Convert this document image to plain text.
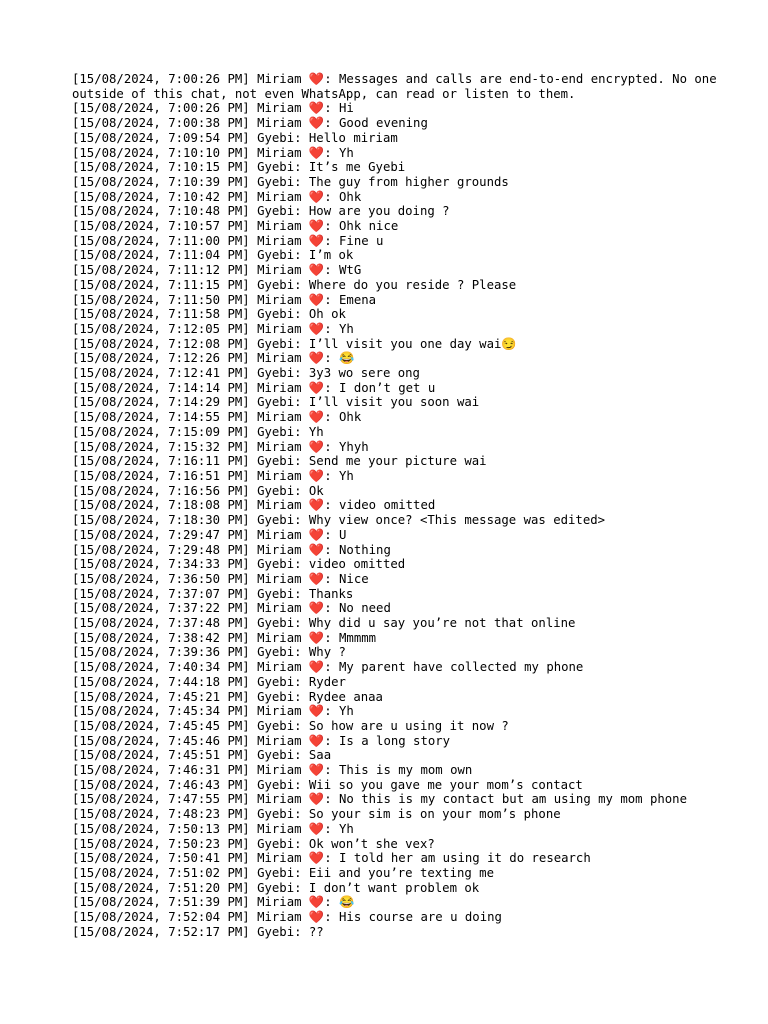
[15/08/2024, 7:00:26 PM] Miriam ❤️: Messages and calls are end-to-end encrypted. No one outside of this chat, not even WhatsApp, can read or listen to them.
[15/08/2024, 7:00:26 PM] Miriam ❤️: Hi
[15/08/2024, 7:00:38 PM] Miriam ❤️: Good evening
[15/08/2024, 7:09:54 PM] Gyebi: Hello miriam
[15/08/2024, 7:10:10 PM] Miriam ❤️: Yh
[15/08/2024, 7:10:15 PM] Gyebi: It’s me Gyebi
[15/08/2024, 7:10:39 PM] Gyebi: The guy from higher grounds
[15/08/2024, 7:10:42 PM] Miriam ❤️: Ohk
[15/08/2024, 7:10:48 PM] Gyebi: How are you doing ?
[15/08/2024, 7:10:57 PM] Miriam ❤️: Ohk nice
[15/08/2024, 7:11:00 PM] Miriam ❤️: Fine u
[15/08/2024, 7:11:04 PM] Gyebi: I’m ok
[15/08/2024, 7:11:12 PM] Miriam ❤️: WtG
[15/08/2024, 7:11:15 PM] Gyebi: Where do you reside ? Please
[15/08/2024, 7:11:50 PM] Miriam ❤️: Emena
[15/08/2024, 7:11:58 PM] Gyebi: Oh ok
[15/08/2024, 7:12:05 PM] Miriam ❤️: Yh
[15/08/2024, 7:12:08 PM] Gyebi: I’ll visit you one day wai😏
[15/08/2024, 7:12:26 PM] Miriam ❤️: 😂
[15/08/2024, 7:12:41 PM] Gyebi: 3y3 wo sere ong
[15/08/2024, 7:14:14 PM] Miriam ❤️: I don’t get u
[15/08/2024, 7:14:29 PM] Gyebi: I’ll visit you soon wai
[15/08/2024, 7:14:55 PM] Miriam ❤️: Ohk
[15/08/2024, 7:15:09 PM] Gyebi: Yh
[15/08/2024, 7:15:32 PM] Miriam ❤️: Yhyh
[15/08/2024, 7:16:11 PM] Gyebi: Send me your picture wai
[15/08/2024, 7:16:51 PM] Miriam ❤️: Yh
[15/08/2024, 7:16:56 PM] Gyebi: Ok
[15/08/2024, 7:18:08 PM] Miriam ❤️: video omitted
[15/08/2024, 7:18:30 PM] Gyebi: Why view once? <This message was edited>
[15/08/2024, 7:29:47 PM] Miriam ❤️: U
[15/08/2024, 7:29:48 PM] Miriam ❤️: Nothing
[15/08/2024, 7:34:33 PM] Gyebi: video omitted
[15/08/2024, 7:36:50 PM] Miriam ❤️: Nice
[15/08/2024, 7:37:07 PM] Gyebi: Thanks
[15/08/2024, 7:37:22 PM] Miriam ❤️: No need
[15/08/2024, 7:37:48 PM] Gyebi: Why did u say you’re not that online
[15/08/2024, 7:38:42 PM] Miriam ❤️: Mmmmm
[15/08/2024, 7:39:36 PM] Gyebi: Why ?
[15/08/2024, 7:40:34 PM] Miriam ❤️: My parent have collected my phone
[15/08/2024, 7:44:18 PM] Gyebi: Ryder
[15/08/2024, 7:45:21 PM] Gyebi: Rydee anaa
[15/08/2024, 7:45:34 PM] Miriam ❤️: Yh
[15/08/2024, 7:45:45 PM] Gyebi: So how are u using it now ?
[15/08/2024, 7:45:46 PM] Miriam ❤️: Is a long story
[15/08/2024, 7:45:51 PM] Gyebi: Saa
[15/08/2024, 7:46:31 PM] Miriam ❤️: This is my mom own
[15/08/2024, 7:46:43 PM] Gyebi: Wii so you gave me your mom’s contact
[15/08/2024, 7:47:55 PM] Miriam ❤️: No this is my contact but am using my mom phone
[15/08/2024, 7:48:23 PM] Gyebi: So your sim is on your mom’s phone
[15/08/2024, 7:50:13 PM] Miriam ❤️: Yh
[15/08/2024, 7:50:23 PM] Gyebi: Ok won’t she vex?
[15/08/2024, 7:50:41 PM] Miriam ❤️: I told her am using it do research
[15/08/2024, 7:51:02 PM] Gyebi: Eii and you’re texting me
[15/08/2024, 7:51:20 PM] Gyebi: I don’t want problem ok
[15/08/2024, 7:51:39 PM] Miriam ❤️: 😂
[15/08/2024, 7:52:04 PM] Miriam ❤️: His course are u doing
[15/08/2024, 7:52:17 PM] Gyebi: ??
